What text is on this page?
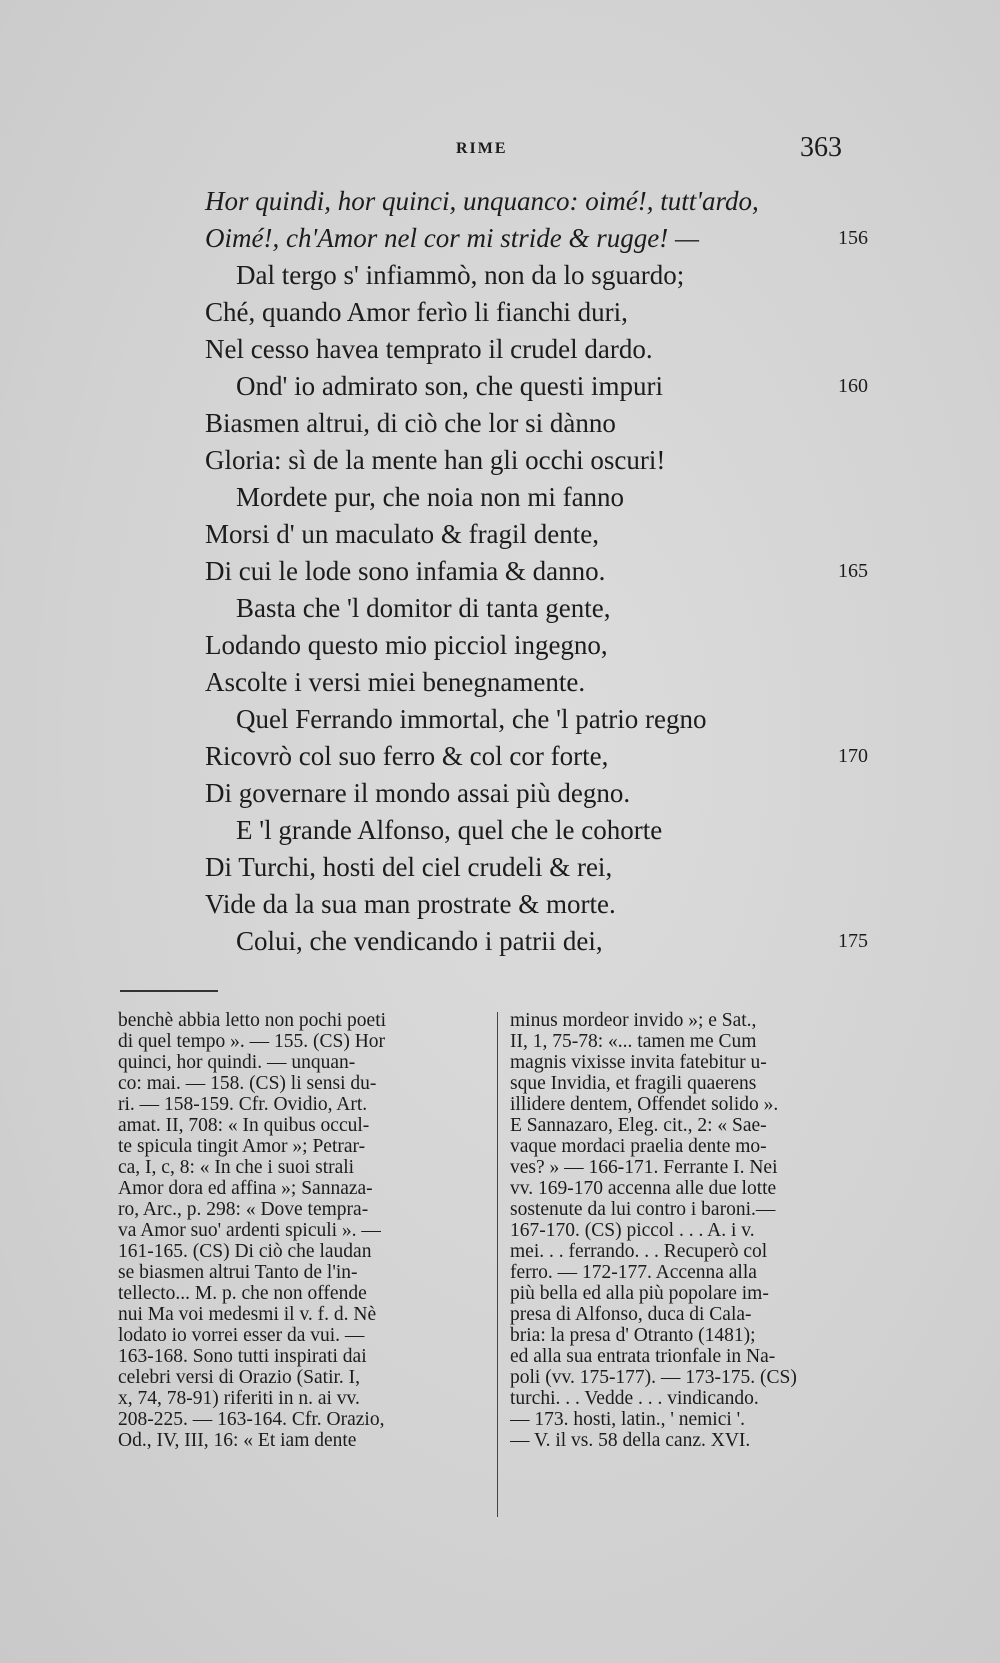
RIME	363
Hor quindi, hor quinci, unquanco: oimé!, tutt'ardo,
Oimé!, ch'Amor nel cor mi stride & rugge! —	156
Dal tergo s' infiammò, non da lo sguardo;
Ché, quando Amor ferìo li fianchi duri,
Nel cesso havea temprato il crudel dardo.
Ond' io admirato son, che questi impuri	160
Biasmen altrui, di ciò che lor si dànno
Gloria: sì de la mente han gli occhi oscuri!
Mordete pur, che noia non mi fanno
Morsi d' un maculato & fragil dente,
Di cui le lode sono infamia & danno.	165
Basta che 'l domitor di tanta gente,
Lodando questo mio picciol ingegno,
Ascolte i versi miei benegnamente.
Quel Ferrando immortal, che 'l patrio regno
Ricovrò col suo ferro & col cor forte,	170
Di governare il mondo assai più degno.
E 'l grande Alfonso, quel che le cohorte
Di Turchi, hosti del ciel crudeli & rei,
Vide da la sua man prostrate & morte.
Colui, che vendicando i patrii dei,	175
benchè abbia letto non pochi poeti
di quel tempo ». — 155. (CS) Hor
quinci, hor quindi. — unquan-
co: mai. — 158. (CS) li sensi du-
ri. — 158-159. Cfr. Ovidio, Art.
amat. II, 708: « In quibus occul-
te spicula tingit Amor »; Petrar-
ca, I, c, 8: « In che i suoi strali
Amor dora ed affina »; Sannaza-
ro, Arc., p. 298: « Dove tempra-
va Amor suo' ardenti spiculi ». —
161-165. (CS) Di ciò che laudan
se biasmen altrui Tanto de l'in-
tellecto... M. p. che non offende
nui Ma voi medesmi il v. f. d. Nè
lodato io vorrei esser da vui. —
163-168. Sono tutti inspirati dai
celebri versi di Orazio (Satir. I,
x, 74, 78-91) riferiti in n. ai vv.
208-225. — 163-164. Cfr. Orazio,
Od., IV, III, 16: « Et iam dente
minus mordeor invido »; e Sat.,
II, 1, 75-78: «... tamen me Cum
magnis vixisse invita fatebitur u-
sque Invidia, et fragili quaerens
illidere dentem, Offendet solido ».
E Sannazaro, Eleg. cit., 2: « Sae-
vaque mordaci praelia dente mo-
ves? » — 166-171. Ferrante I. Nei
vv. 169-170 accenna alle due lotte
sostenute da lui contro i baroni.—
167-170. (CS) piccol . . . A. i v.
mei. . . ferrando. . . Recuperò col
ferro. — 172-177. Accenna alla
più bella ed alla più popolare im-
presa di Alfonso, duca di Cala-
bria: la presa d' Otranto (1481);
ed alla sua entrata trionfale in Na-
poli (vv. 175-177). — 173-175. (CS)
turchi. . . Vedde . . . vindicando.
— 173. hosti, latin., ' nemici '.
— V. il vs. 58 della canz. XVI.
